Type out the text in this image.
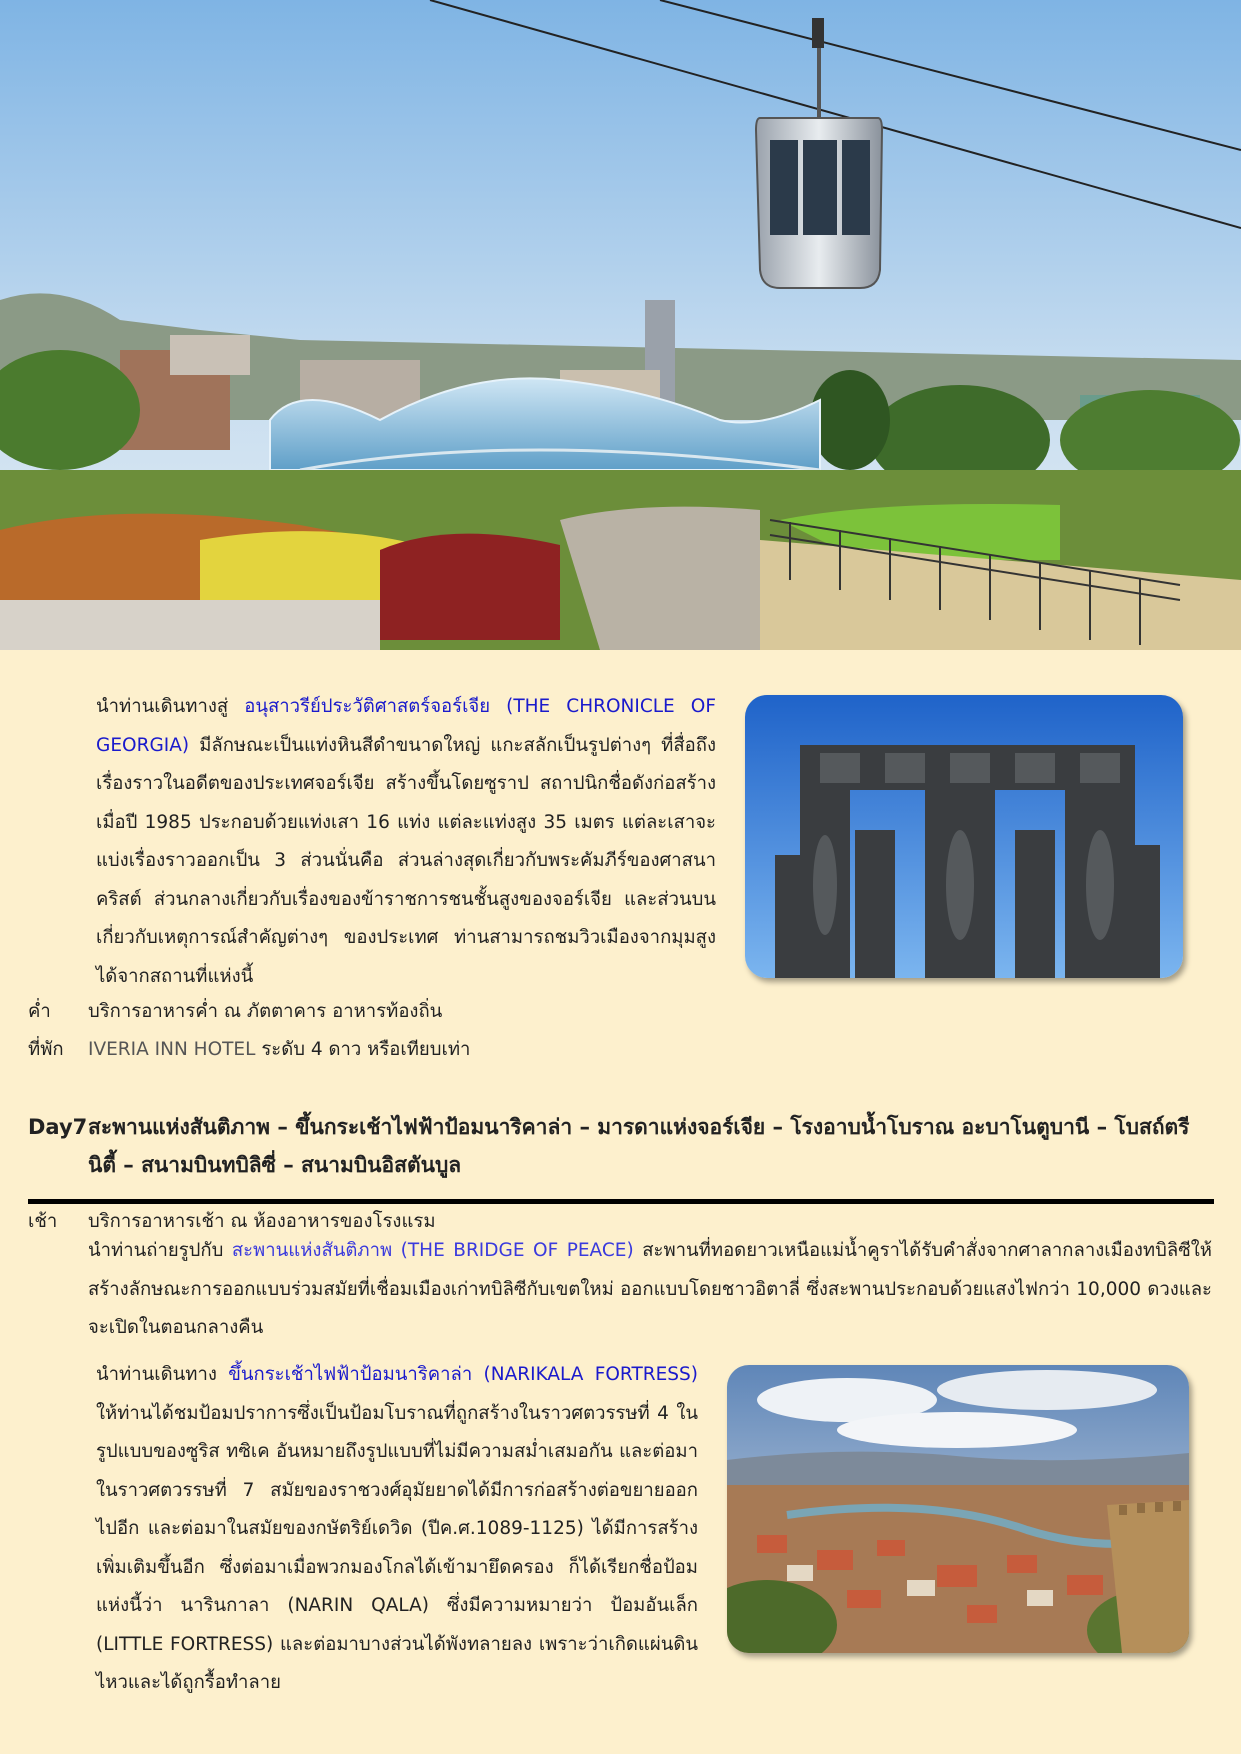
นำท่านเดินทางสู่ อนุสาวรีย์ประวัติศาสตร์จอร์เจีย (THE CHRONICLE OF GEORGIA) มีลักษณะเป็นแท่งหินสีดำขนาดใหญ่ แกะสลักเป็นรูปต่างๆ ที่สื่อถึงเรื่องราวในอดีตของประเทศจอร์เจีย สร้างขึ้นโดยซูราป สถาปนิกชื่อดังก่อสร้างเมื่อปี 1985 ประกอบด้วยแท่งเสา 16 แท่ง แต่ละแท่งสูง 35 เมตร แต่ละเสาจะแบ่งเรื่องราวออกเป็น 3 ส่วนนั่นคือ ส่วนล่างสุดเกี่ยวกับพระคัมภีร์ของศาสนาคริสต์ ส่วนกลางเกี่ยวกับเรื่องของข้าราชการชนชั้นสูงของจอร์เจีย และส่วนบนเกี่ยวกับเหตุการณ์สำคัญต่างๆ ของประเทศ ท่านสามารถชมวิวเมืองจากมุมสูงได้จากสถานที่แห่งนี้
ค่ำ บริการอาหารค่ำ ณ ภัตตาคาร อาหารท้องถิ่น
ที่พัก IVERIA INN HOTEL ระดับ 4 ดาว หรือเทียบเท่า
Day7สะพานแห่งสันติภาพ – ขึ้นกระเช้าไฟฟ้าป้อมนาริคาล่า – มารดาแห่งจอร์เจีย – โรงอาบน้ำโบราณ อะบาโนตูบานี – โบสถ์ตรี
นิตี้ – สนามบินทบิลิซี่ – สนามบินอิสตันบูล
เช้า บริการอาหารเช้า ณ ห้องอาหารของโรงแรม
นำท่านถ่ายรูปกับ สะพานแห่งสันติภาพ (THE BRIDGE OF PEACE) สะพานที่ทอดยาวเหนือแม่น้ำคูราได้รับคำสั่งจากศาลากลางเมืองทบิลิซีให้สร้างลักษณะการออกแบบร่วมสมัยที่เชื่อมเมืองเก่าทบิลิซีกับเขตใหม่ ออกแบบโดยชาวอิตาลี่ ซึ่งสะพานประกอบด้วยแสงไฟกว่า 10,000 ดวงและจะเปิดในตอนกลางคืน
นำท่านเดินทาง ขึ้นกระเช้าไฟฟ้าป้อมนาริคาล่า (NARIKALA FORTRESS) ให้ท่านได้ชมป้อมปราการซึ่งเป็นป้อมโบราณที่ถูกสร้างในราวศตวรรษที่ 4 ในรูปแบบของซูริส ทซิเค อันหมายถึงรูปแบบที่ไม่มีความสม่ำเสมอกัน และต่อมาในราวศตวรรษที่ 7 สมัยของราชวงศ์อุมัยยาดได้มีการก่อสร้างต่อขยายออกไปอีก และต่อมาในสมัยของกษัตริย์เดวิด (ปีค.ศ.1089-1125) ได้มีการสร้างเพิ่มเติมขึ้นอีก ซึ่งต่อมาเมื่อพวกมองโกลได้เข้ามายึดครอง ก็ได้เรียกชื่อป้อมแห่งนี้ว่า นารินกาลา (NARIN QALA) ซึ่งมีความหมายว่า ป้อมอันเล็ก (LITTLE FORTRESS) และต่อมาบางส่วนได้พังทลายลง เพราะว่าเกิดแผ่นดินไหวและได้ถูกรื้อทำลาย
